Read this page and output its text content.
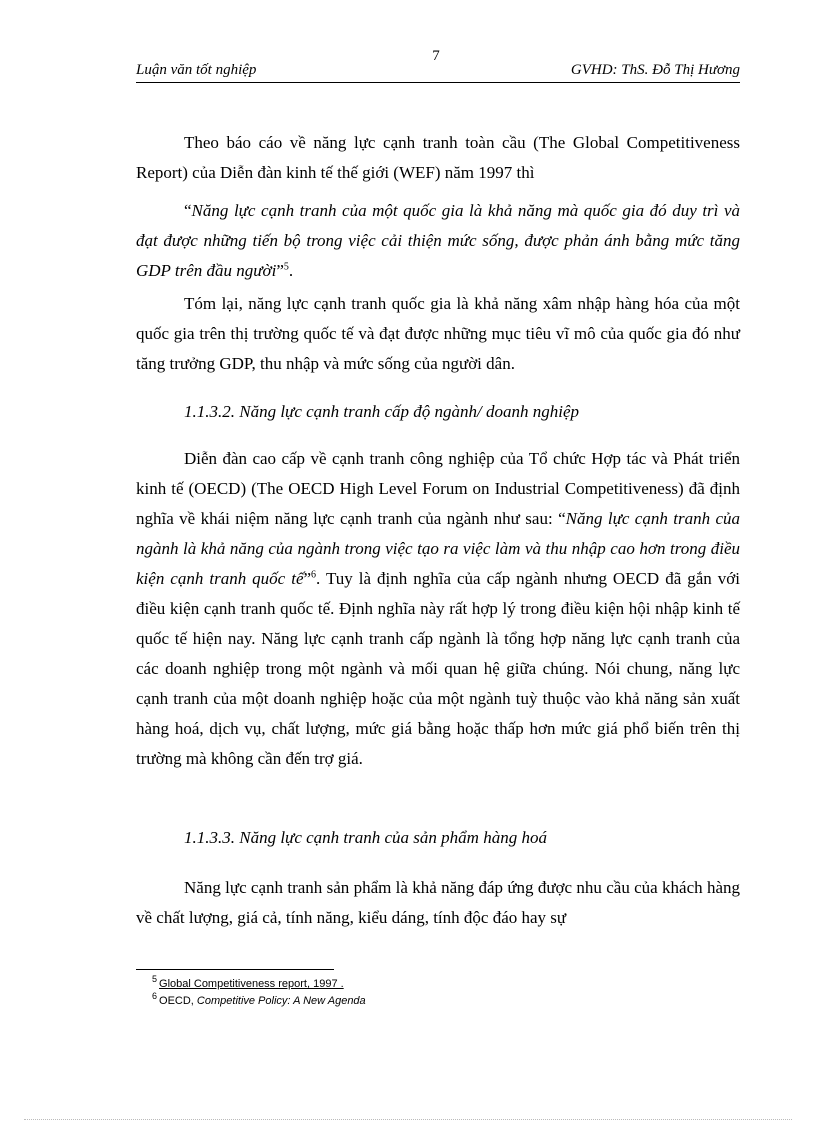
7
Luận văn tốt nghiệp	GVHD: ThS. Đỗ Thị Hương

Theo báo cáo về năng lực cạnh tranh toàn cầu (The Global Competitiveness Report) của Diễn đàn kinh tế thế giới (WEF) năm 1997 thì

“Năng lực cạnh tranh của một quốc gia là khả năng mà quốc gia đó duy trì và đạt được những tiến bộ trong việc cải thiện mức sống, được phản ánh bằng mức tăng GDP trên đầu người”$^5$.

Tóm lại, năng lực cạnh tranh quốc gia là khả năng xâm nhập hàng hóa của một quốc gia trên thị trường quốc tế và đạt được những mục tiêu vĩ mô của quốc gia đó như tăng trưởng GDP, thu nhập và mức sống của người dân.

1.1.3.2. Năng lực cạnh tranh cấp độ ngành/ doanh nghiệp

Diễn đàn cao cấp về cạnh tranh công nghiệp của Tổ chức Hợp tác và Phát triển kinh tế (OECD) (The OECD High Level Forum on Industrial Competitiveness) đã định nghĩa về khái niệm năng lực cạnh tranh của ngành như sau: “Năng lực cạnh tranh của ngành là khả năng của ngành trong việc tạo ra việc làm và thu nhập cao hơn trong điều kiện cạnh tranh quốc tế”$^6$. Tuy là định nghĩa của cấp ngành nhưng OECD đã gắn với điều kiện cạnh tranh quốc tế. Định nghĩa này rất hợp lý trong điều kiện hội nhập kinh tế quốc tế hiện nay. Năng lực cạnh tranh cấp ngành là tổng hợp năng lực cạnh tranh của các doanh nghiệp trong một ngành và mối quan hệ giữa chúng. Nói chung, năng lực cạnh tranh của một doanh nghiệp hoặc của một ngành tuỳ thuộc vào khả năng sản xuất hàng hoá, dịch vụ, chất lượng, mức giá bằng hoặc thấp hơn mức giá phổ biến trên thị trường mà không cần đến trợ giá.

1.1.3.3. Năng lực cạnh tranh của sản phẩm hàng hoá

Năng lực cạnh tranh sản phẩm là khả năng đáp ứng được nhu cầu của khách hàng về chất lượng, giá cả, tính năng, kiểu dáng, tính độc đáo hay sự

$^5$ Global Competitiveness report, 1997 .
$^6$ OECD, Competitive Policy: A New Agenda
